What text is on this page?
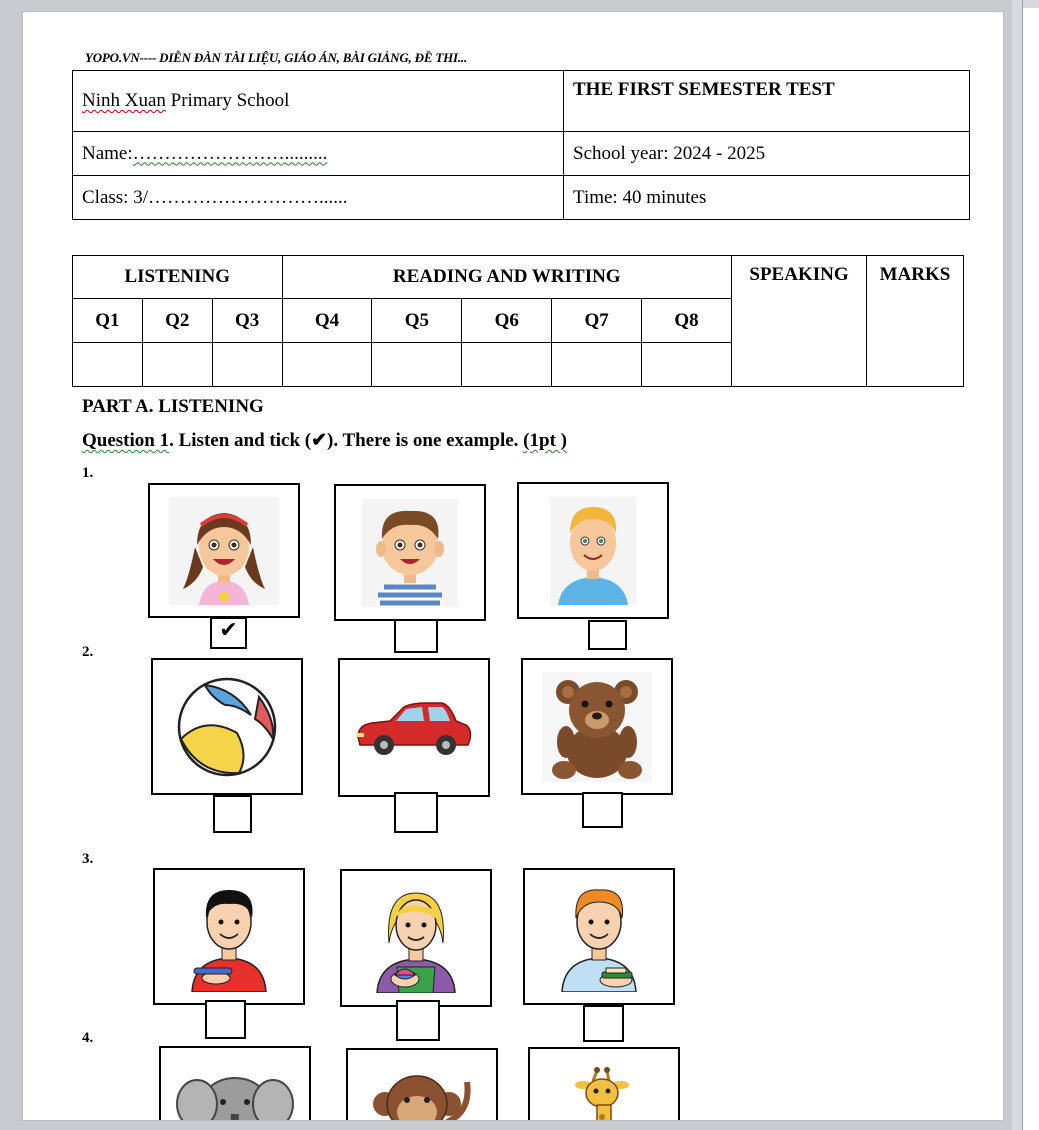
YOPO.VN---- DIỄN ĐÀN TÀI LIỆU, GIÁO ÁN, BÀI GIẢNG, ĐỀ THI...
Ninh Xuan Primary School	THE FIRST SEMESTER TEST
Name:…………………….........	School year: 2024 - 2025
Class: 3/………………………......	Time: 40 minutes
LISTENING			READING AND WRITING					SPEAKING	MARKS
Q1	Q2	Q3	Q4	Q5	Q6	Q7	Q8		

PART A. LISTENING
Question 1. Listen and tick (✔). There is one example. (1pt )
1.
✔
2.
3.
4.
